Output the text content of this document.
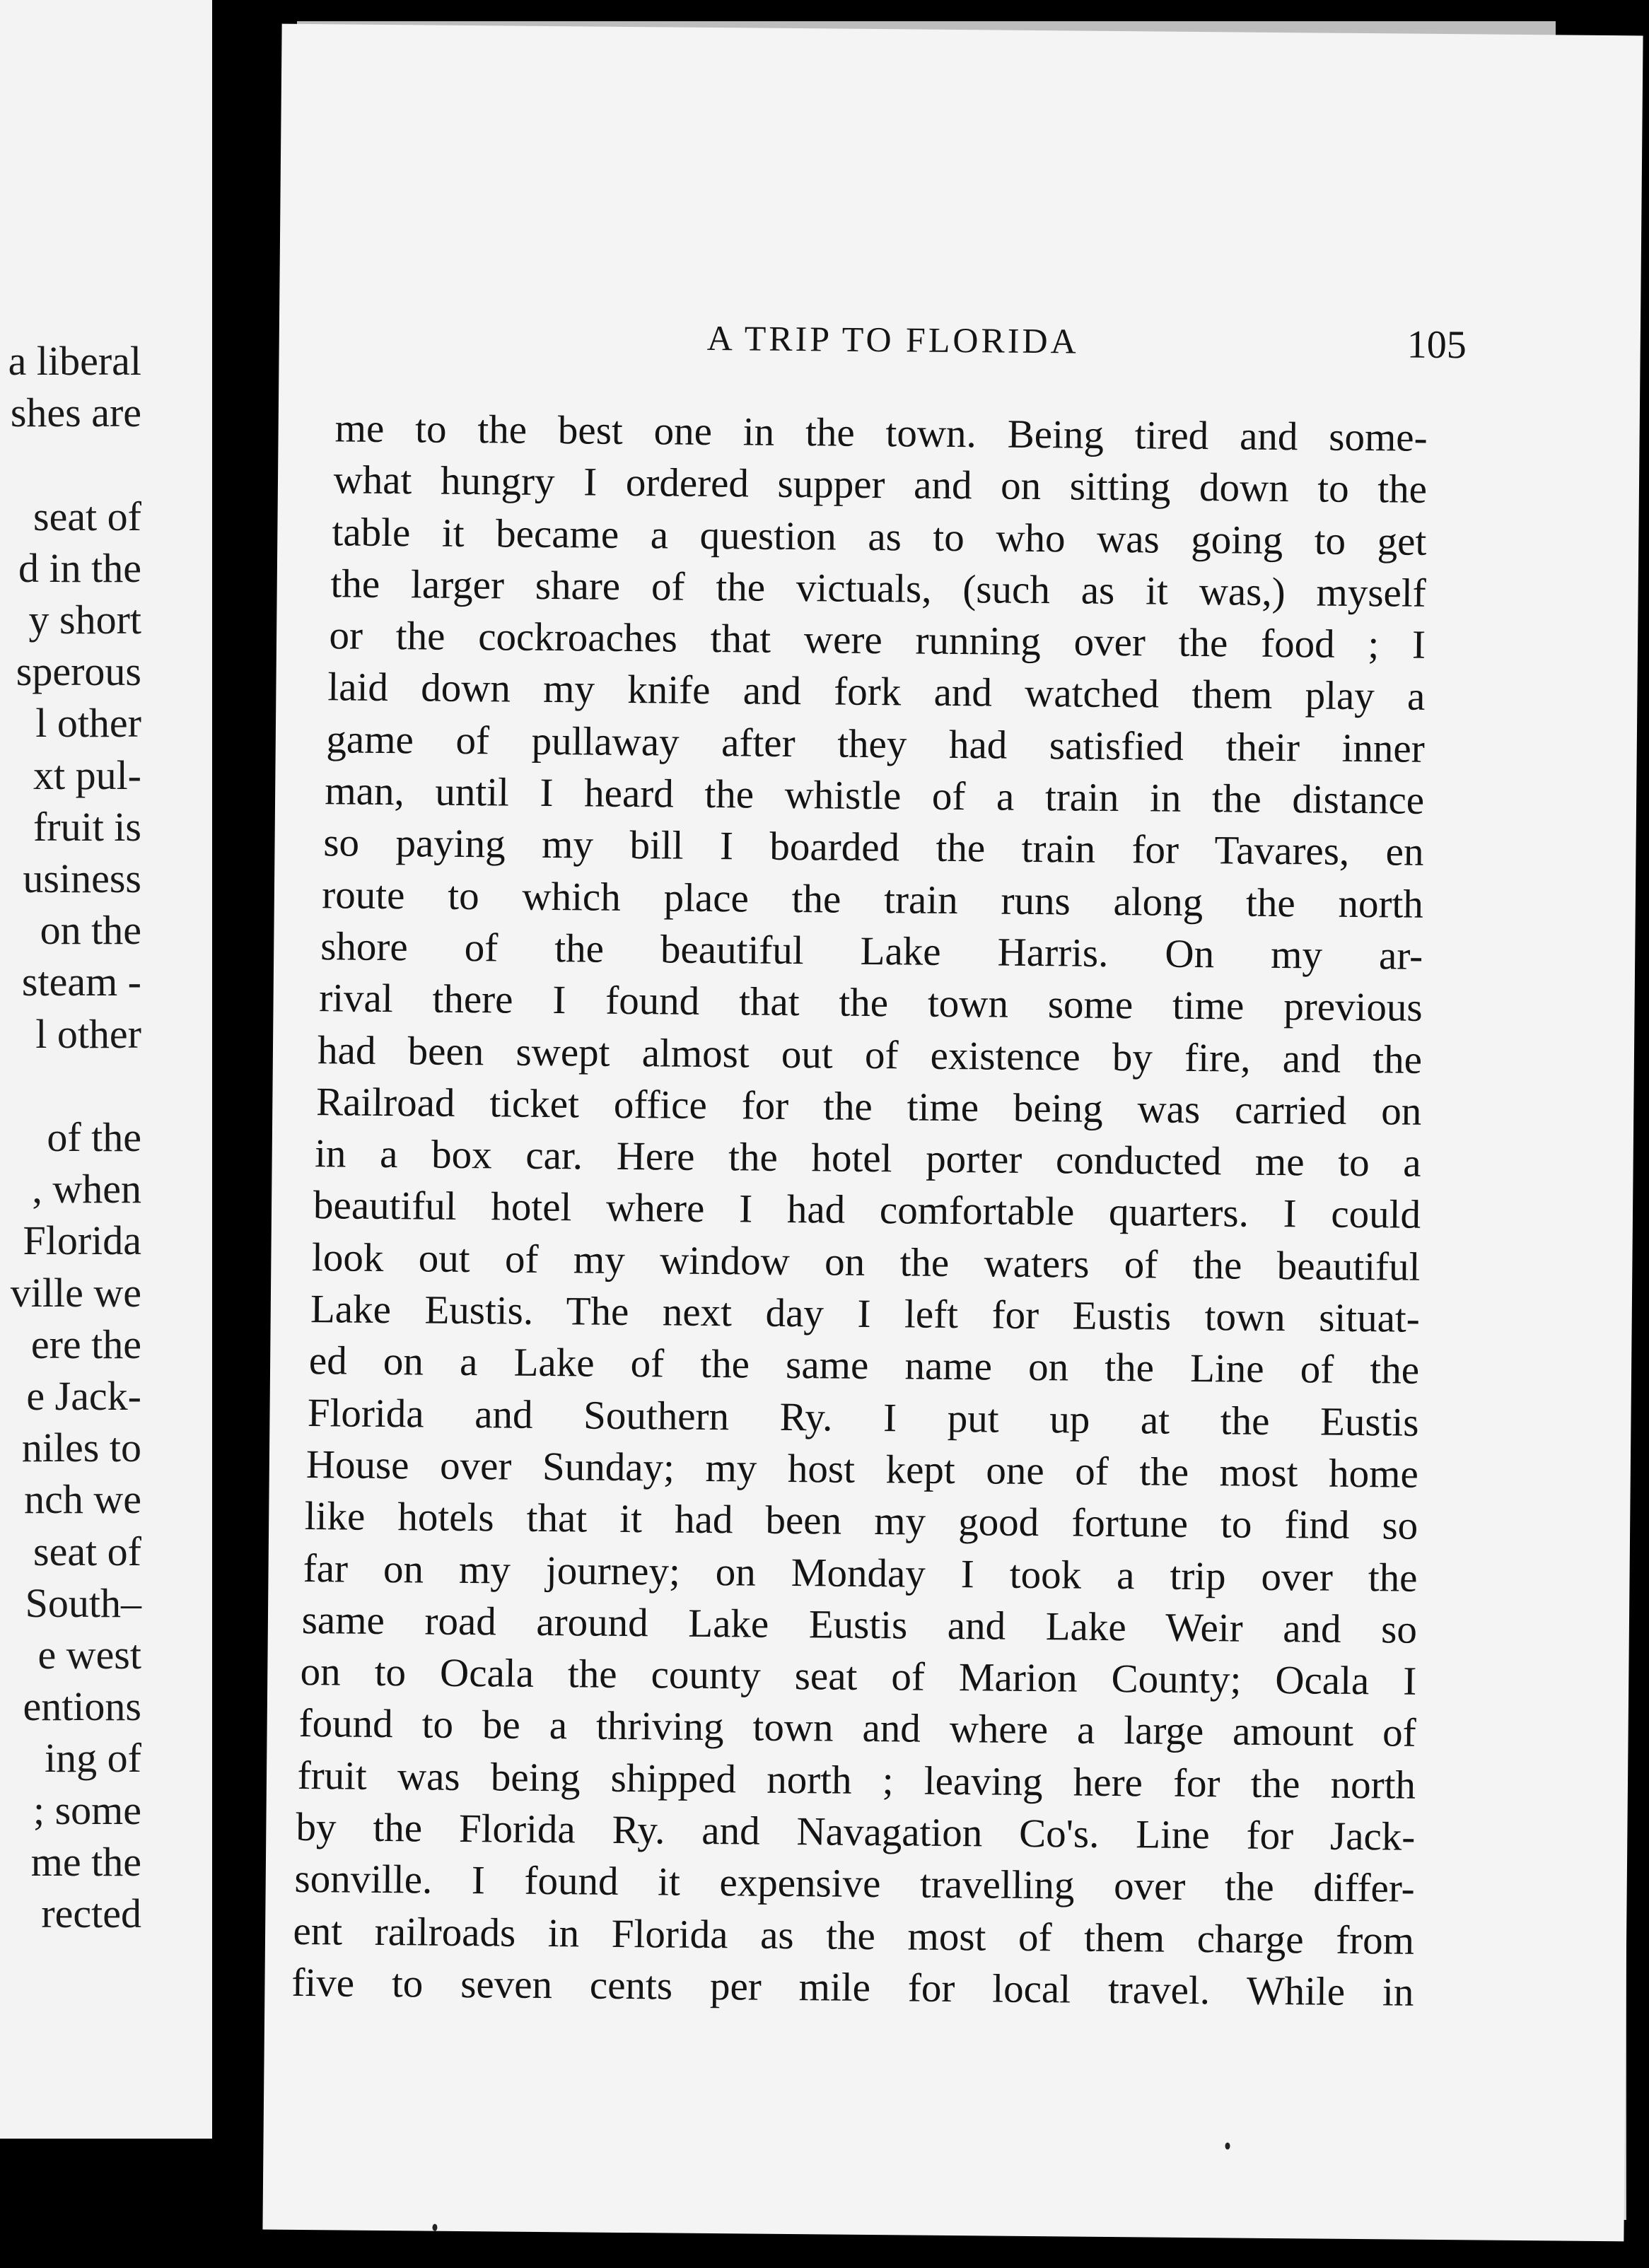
a liberal
shes are
seat of
d in the
y short
sperous
l other
xt pul-
fruit is
usiness
on the
steam -
l other
of the
, when
Florida
ville we
ere the
e Jack-
niles to
nch we
seat of
South–
e west
entions
ing of
; some
me the
rected
A TRIP TO FLORIDA	105
me to the best one in the town. Being tired and some-
what hungry I ordered supper and on sitting down to the
table it became a question as to who was going to get
the larger share of the victuals, (such as it was,) myself
or the cockroaches that were running over the food ; I
laid down my knife and fork and watched them play a
game of pullaway after they had satisfied their inner
man, until I heard the whistle of a train in the distance
so paying my bill I boarded the train for Tavares, en
route to which place the train runs along the north
shore of the beautiful Lake Harris. On my ar-
rival there I found that the town some time previous
had been swept almost out of existence by fire, and the
Railroad ticket office for the time being was carried on
in a box car. Here the hotel porter conducted me to a
beautiful hotel where I had comfortable quarters. I could
look out of my window on the waters of the beautiful
Lake Eustis. The next day I left for Eustis town situat-
ed on a Lake of the same name on the Line of the
Florida and Southern Ry. I put up at the Eustis
House over Sunday; my host kept one of the most home
like hotels that it had been my good fortune to find so
far on my journey; on Monday I took a trip over the
same road around Lake Eustis and Lake Weir and so
on to Ocala the county seat of Marion County; Ocala I
found to be a thriving town and where a large amount of
fruit was being shipped north ; leaving here for the north
by the Florida Ry. and Navagation Co's. Line for Jack-
sonville. I found it expensive travelling over the differ-
ent railroads in Florida as the most of them charge from
five to seven cents per mile for local travel. While in
